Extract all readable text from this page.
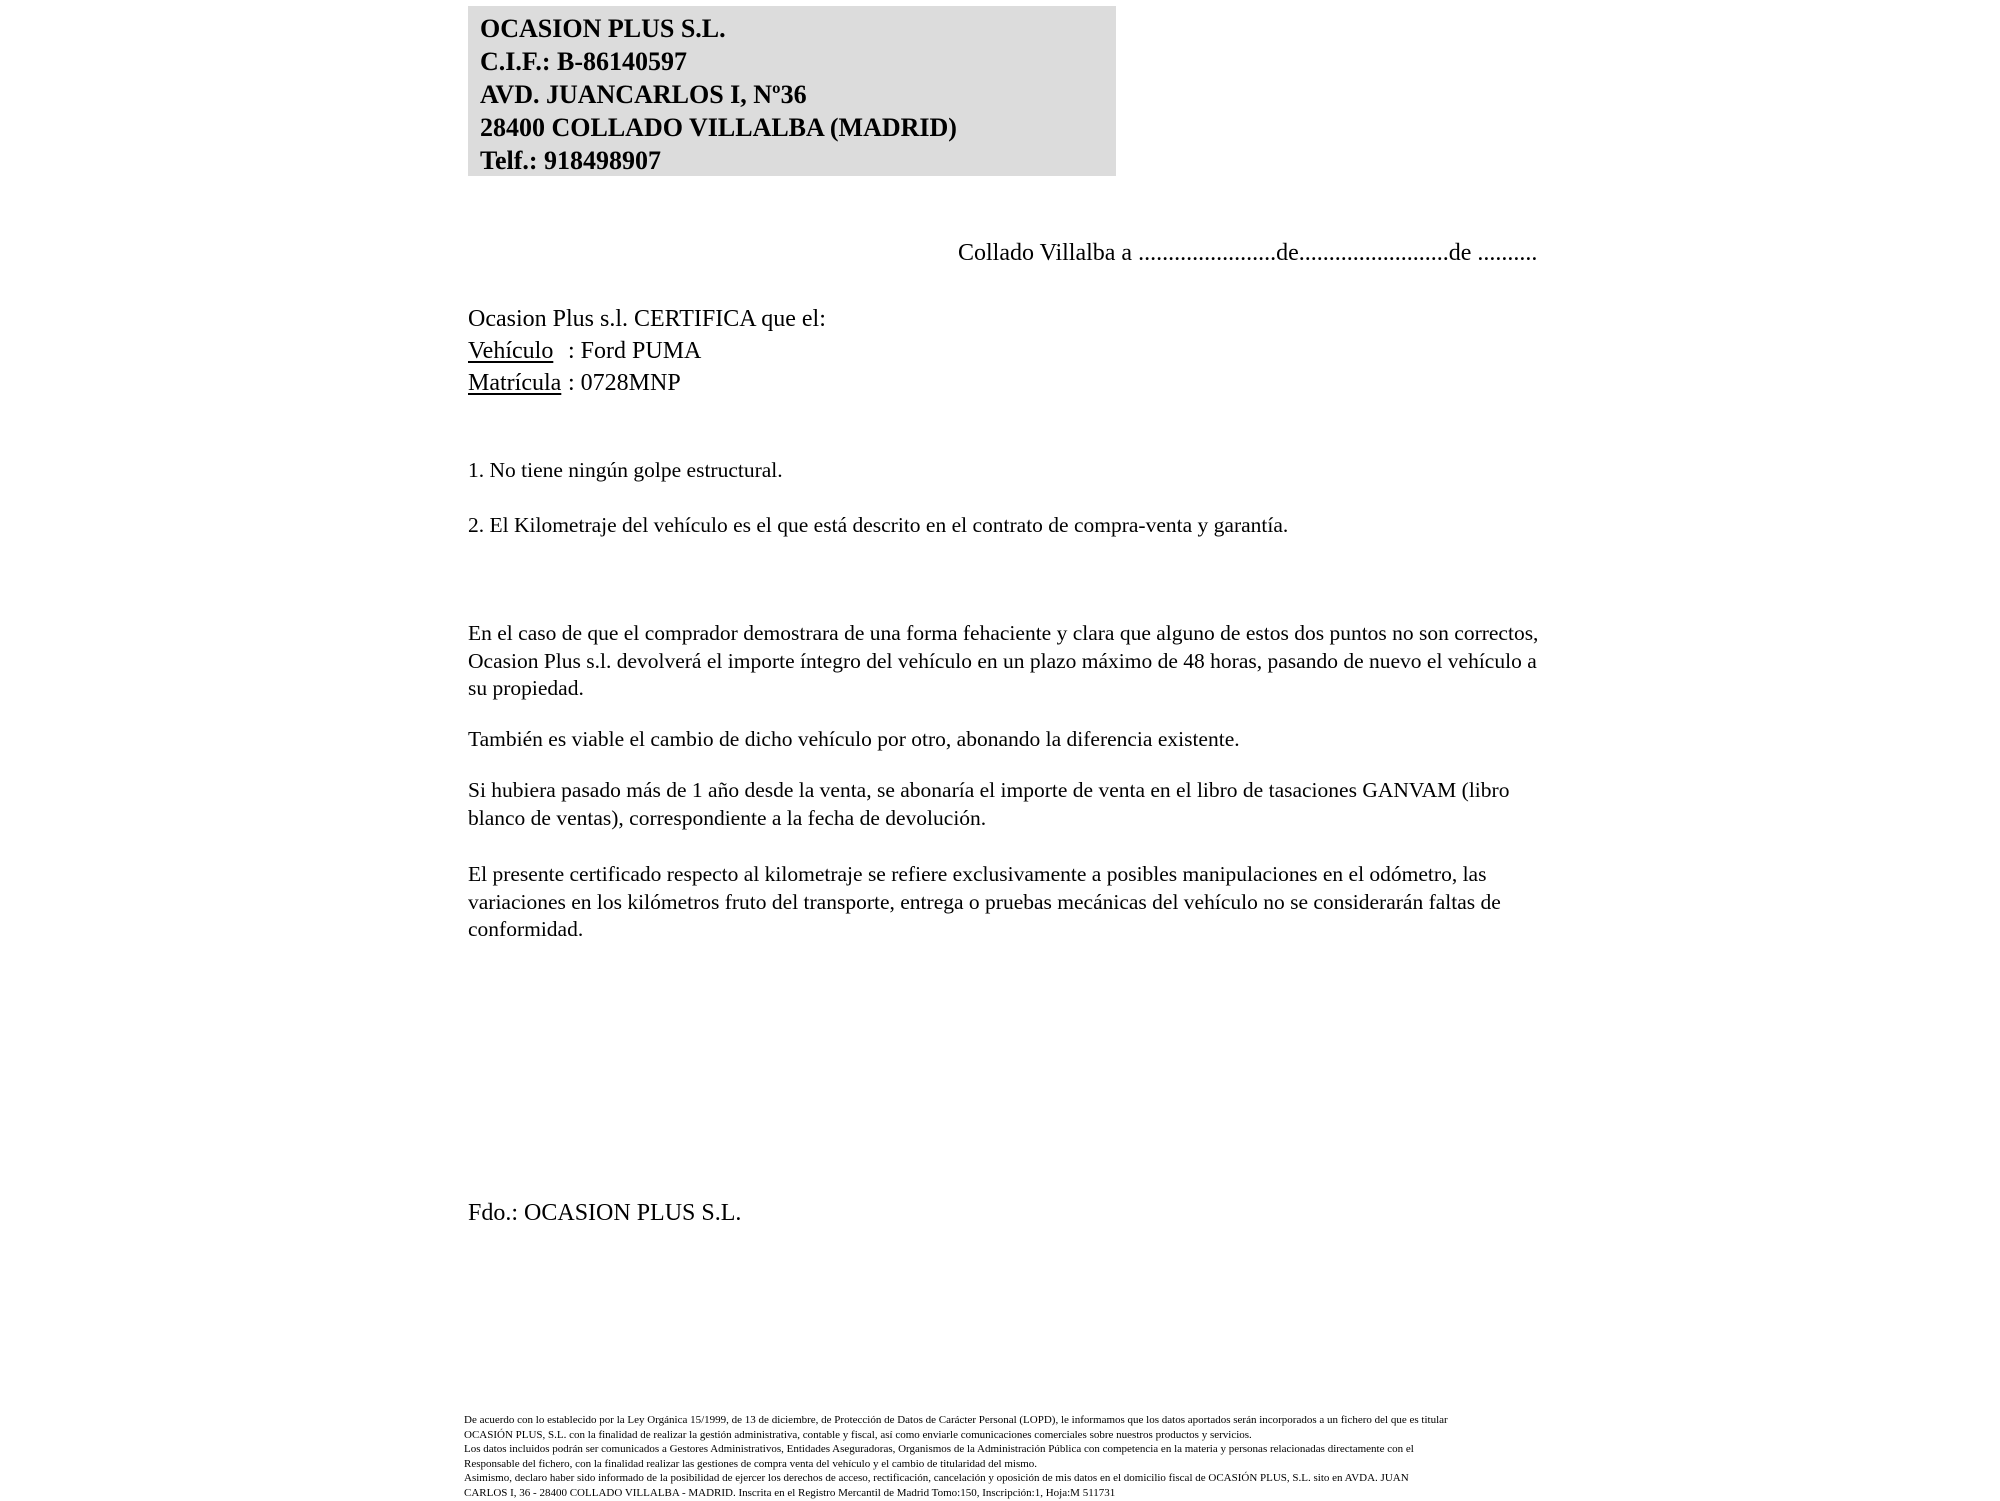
OCASION PLUS S.L.
C.I.F.: B-86140597
AVD. JUANCARLOS I, Nº36
28400 COLLADO VILLALBA (MADRID)
Telf.: 918498907
Collado Villalba a .......................de.........................de ..........
Ocasion Plus s.l. CERTIFICA que el:
Vehículo : Ford PUMA
Matrícula : 0728MNP
1. No tiene ningún golpe estructural.
2. El Kilometraje del vehículo es el que está descrito en el contrato de compra-venta y garantía.
En el caso de que el comprador demostrara de una forma fehaciente y clara que alguno de estos dos puntos no son correctos, Ocasion Plus s.l. devolverá el importe íntegro del vehículo en un plazo máximo de 48 horas, pasando de nuevo el vehículo a su propiedad.
También es viable el cambio de dicho vehículo por otro, abonando la diferencia existente.
Si hubiera pasado más de 1 año desde la venta, se abonaría el importe de venta en el libro de tasaciones GANVAM (libro blanco de ventas), correspondiente a la fecha de devolución.
El presente certificado respecto al kilometraje se refiere exclusivamente a posibles manipulaciones en el odómetro, las variaciones en los kilómetros fruto del transporte, entrega o pruebas mecánicas del vehículo no se considerarán faltas de conformidad.
Fdo.: OCASION PLUS S.L.
De acuerdo con lo establecido por la Ley Orgánica 15/1999, de 13 de diciembre, de Protección de Datos de Carácter Personal (LOPD), le informamos que los datos aportados serán incorporados a un fichero del que es titular
OCASIÓN PLUS, S.L. con la finalidad de realizar la gestión administrativa, contable y fiscal, así como enviarle comunicaciones comerciales sobre nuestros productos y servicios.
Los datos incluidos podrán ser comunicados a Gestores Administrativos, Entidades Aseguradoras, Organismos de la Administración Pública con competencia en la materia y personas relacionadas directamente con el
Responsable del fichero, con la finalidad realizar las gestiones de compra venta del vehículo y el cambio de titularidad del mismo.
Asimismo, declaro haber sido informado de la posibilidad de ejercer los derechos de acceso, rectificación, cancelación y oposición de mis datos en el domicilio fiscal de OCASIÓN PLUS, S.L. sito en AVDA. JUAN
CARLOS I, 36 - 28400 COLLADO VILLALBA - MADRID. Inscrita en el Registro Mercantil de Madrid Tomo:150, Inscripción:1, Hoja:M 511731
